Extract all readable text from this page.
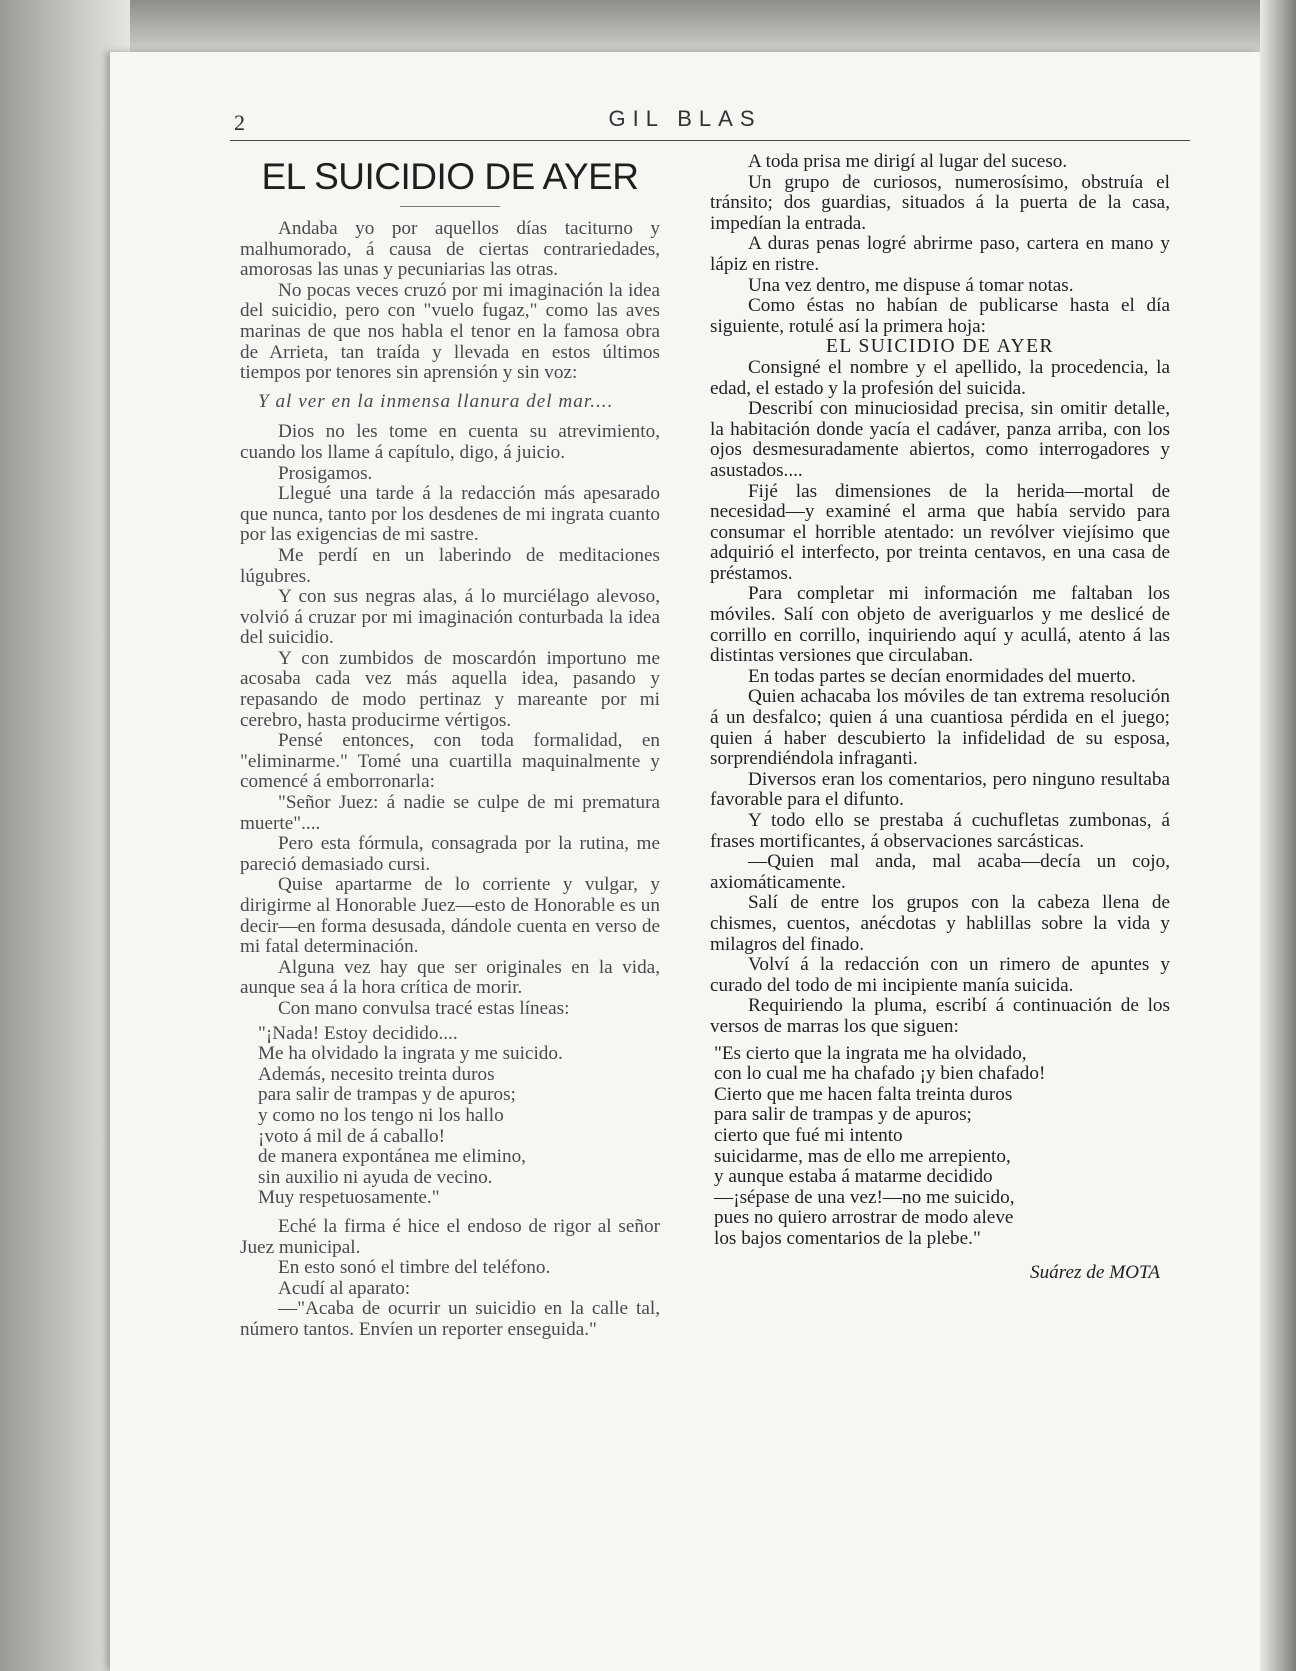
2	GIL BLAS
EL SUICIDIO DE AYER

Andaba yo por aquellos días taciturno y malhumorado, á causa de ciertas contrariedades, amorosas las unas y pecuniarias las otras.

No pocas veces cruzó por mi imaginación la idea del suicidio, pero con "vuelo fugaz," como las aves marinas de que nos habla el tenor en la famosa obra de Arrieta, tan traída y llevada en estos últimos tiempos por tenores sin aprensión y sin voz:

Y al ver en la inmensa llanura del mar....

Dios no les tome en cuenta su atrevimiento, cuando los llame á capítulo, digo, á juicio.

Prosigamos.

Llegué una tarde á la redacción más apesarado que nunca, tanto por los desdenes de mi ingrata cuanto por las exigencias de mi sastre.

Me perdí en un laberindo de meditaciones lúgubres.

Y con sus negras alas, á lo murciélago alevoso, volvió á cruzar por mi imaginación conturbada la idea del suicidio.

Y con zumbidos de moscardón importuno me acosaba cada vez más aquella idea, pasando y repasando de modo pertinaz y mareante por mi cerebro, hasta producirme vértigos.

Pensé entonces, con toda formalidad, en "eliminarme." Tomé una cuartilla maquinalmente y comencé á emborronarla:

"Señor Juez: á nadie se culpe de mi prematura muerte"....

Pero esta fórmula, consagrada por la rutina, me pareció demasiado cursi.

Quise apartarme de lo corriente y vulgar, y dirigirme al Honorable Juez—esto de Honorable es un decir—en forma desusada, dándole cuenta en verso de mi fatal determinación.

Alguna vez hay que ser originales en la vida, aunque sea á la hora crítica de morir.

Con mano convulsa tracé estas líneas:

"¡Nada! Estoy decidido....
Me ha olvidado la ingrata y me suicido.
Además, necesito treinta duros
para salir de trampas y de apuros;
y como no los tengo ni los hallo
¡voto á mil de á caballo!
de manera expontánea me elimino,
sin auxilio ni ayuda de vecino.
Muy respetuosamente."

Eché la firma é hice el endoso de rigor al señor Juez municipal.

En esto sonó el timbre del teléfono.

Acudí al aparato:

—"Acaba de ocurrir un suicidio en la calle tal, número tantos. Envíen un reporter enseguida."

A toda prisa me dirigí al lugar del suceso.

Un grupo de curiosos, numerosísimo, obstruía el tránsito; dos guardias, situados á la puerta de la casa, impedían la entrada.

A duras penas logré abrirme paso, cartera en mano y lápiz en ristre.

Una vez dentro, me dispuse á tomar notas.

Como éstas no habían de publicarse hasta el día siguiente, rotulé así la primera hoja:

EL SUICIDIO DE AYER

Consigné el nombre y el apellido, la procedencia, la edad, el estado y la profesión del suicida.

Describí con minuciosidad precisa, sin omitir detalle, la habitación donde yacía el cadáver, panza arriba, con los ojos desmesuradamente abiertos, como interrogadores y asustados....

Fijé las dimensiones de la herida—mortal de necesidad—y examiné el arma que había servido para consumar el horrible atentado: un revólver viejísimo que adquirió el interfecto, por treinta centavos, en una casa de préstamos.

Para completar mi información me faltaban los móviles. Salí con objeto de averiguarlos y me deslicé de corrillo en corrillo, inquiriendo aquí y acullá, atento á las distintas versiones que circulaban.

En todas partes se decían enormidades del muerto.

Quien achacaba los móviles de tan extrema resolución á un desfalco; quien á una cuantiosa pérdida en el juego; quien á haber descubierto la infidelidad de su esposa, sorprendiéndola infraganti.

Diversos eran los comentarios, pero ninguno resultaba favorable para el difunto.

Y todo ello se prestaba á cuchufletas zumbonas, á frases mortificantes, á observaciones sarcásticas.

—Quien mal anda, mal acaba—decía un cojo, axiomáticamente.

Salí de entre los grupos con la cabeza llena de chismes, cuentos, anécdotas y hablillas sobre la vida y milagros del finado.

Volví á la redacción con un rimero de apuntes y curado del todo de mi incipiente manía suicida.

Requiriendo la pluma, escribí á continuación de los versos de marras los que siguen:

"Es cierto que la ingrata me ha olvidado,
con lo cual me ha chafado ¡y bien chafado!
Cierto que me hacen falta treinta duros
para salir de trampas y de apuros;
cierto que fué mi intento
suicidarme, mas de ello me arrepiento,
y aunque estaba á matarme decidido
—¡sépase de una vez!—no me suicido,
pues no quiero arrostrar de modo aleve
los bajos comentarios de la plebe."
Suárez de MOTA
